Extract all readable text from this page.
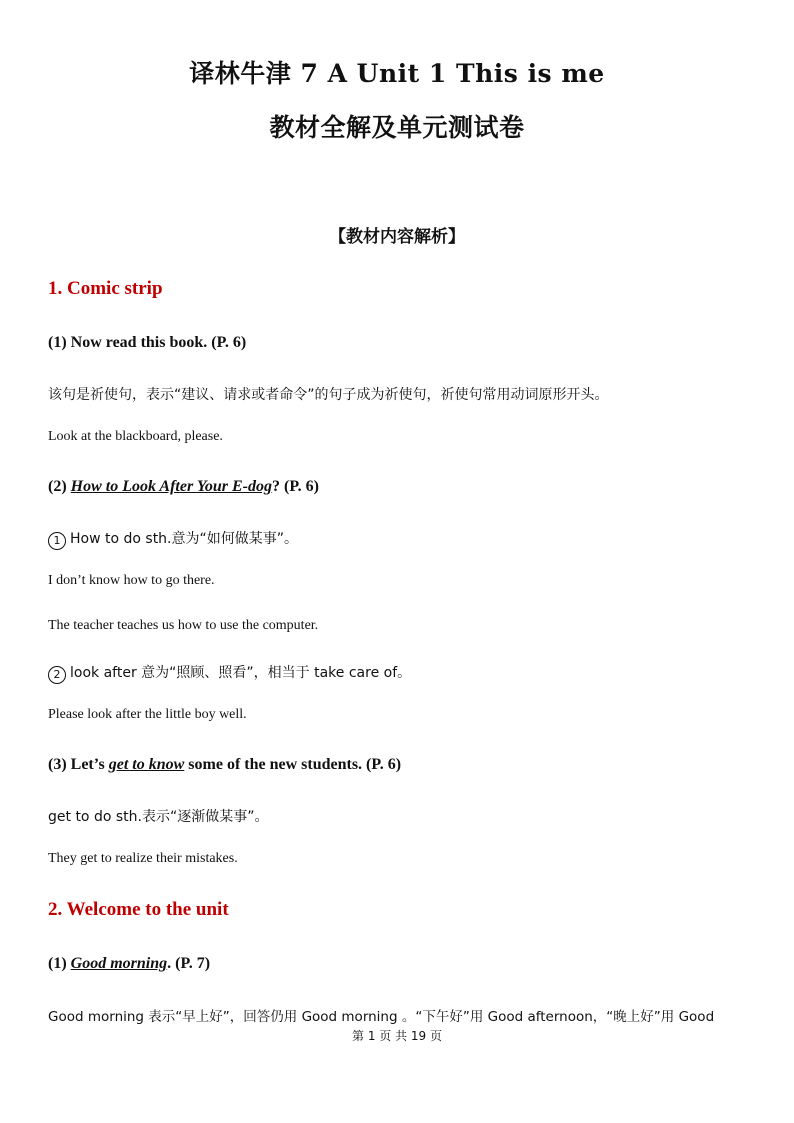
译林牛津 7 A Unit 1 This is me
教材全解及单元测试卷
【教材内容解析】
1. Comic strip
(1) Now read this book. (P. 6)
该句是祈使句，表示“建议、请求或者命令”的句子成为祈使句，祈使句常用动词原形开头。
Look at the blackboard, please.
(2) How to Look After Your E-dog? (P. 6)
1 How to do sth.意为“如何做某事”。
I don’t know how to go there.
The teacher teaches us how to use the computer.
2 look after 意为“照顾、照看”，相当于 take care of。
Please look after the little boy well.
(3) Let’s get to know some of the new students. (P. 6)
get to do sth.表示“逐渐做某事”。
They get to realize their mistakes.
2. Welcome to the unit
(1) Good morning. (P. 7)
Good morning 表示“早上好”，回答仍用 Good morning 。“下午好”用 Good afternoon，“晚上好”用 Good
第 1 页 共 19 页
